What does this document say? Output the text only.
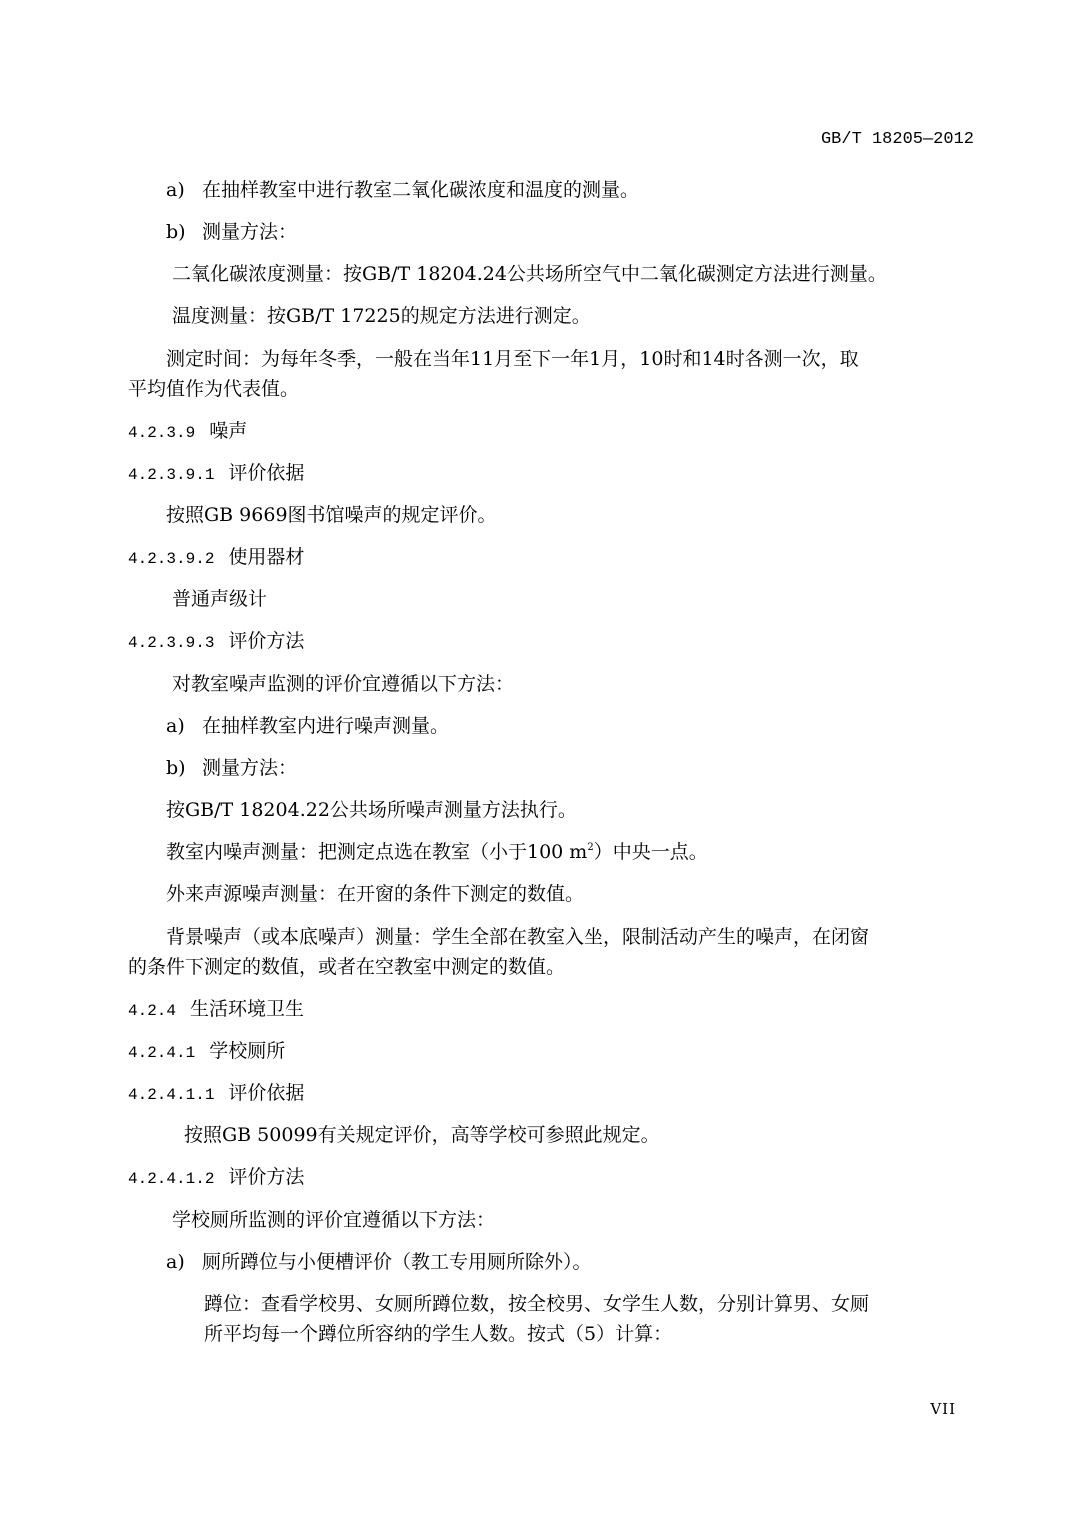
GB/T 18205—2012
a) 在抽样教室中进行教室二氧化碳浓度和温度的测量。
b) 测量方法：
二氧化碳浓度测量：按GB/T 18204.24公共场所空气中二氧化碳测定方法进行测量。
温度测量：按GB/T 17225的规定方法进行测定。
测定时间：为每年冬季，一般在当年11月至下一年1月，10时和14时各测一次，取
平均值作为代表值。
4.2.3.9 噪声
4.2.3.9.1 评价依据
按照GB 9669图书馆噪声的规定评价。
4.2.3.9.2 使用器材
普通声级计
4.2.3.9.3 评价方法
对教室噪声监测的评价宜遵循以下方法：
a) 在抽样教室内进行噪声测量。
b) 测量方法：
按GB/T 18204.22公共场所噪声测量方法执行。
教室内噪声测量：把测定点选在教室（小于100 $m^2$）中央一点。
外来声源噪声测量：在开窗的条件下测定的数值。
背景噪声（或本底噪声）测量：学生全部在教室入坐，限制活动产生的噪声，在闭窗
的条件下测定的数值，或者在空教室中测定的数值。
4.2.4 生活环境卫生
4.2.4.1 学校厕所
4.2.4.1.1 评价依据
按照GB 50099有关规定评价，高等学校可参照此规定。
4.2.4.1.2 评价方法
学校厕所监测的评价宜遵循以下方法：
a) 厕所蹲位与小便槽评价（教工专用厕所除外）。
蹲位：查看学校男、女厕所蹲位数，按全校男、女学生人数，分别计算男、女厕
所平均每一个蹲位所容纳的学生人数。按式（5）计算：
VII
